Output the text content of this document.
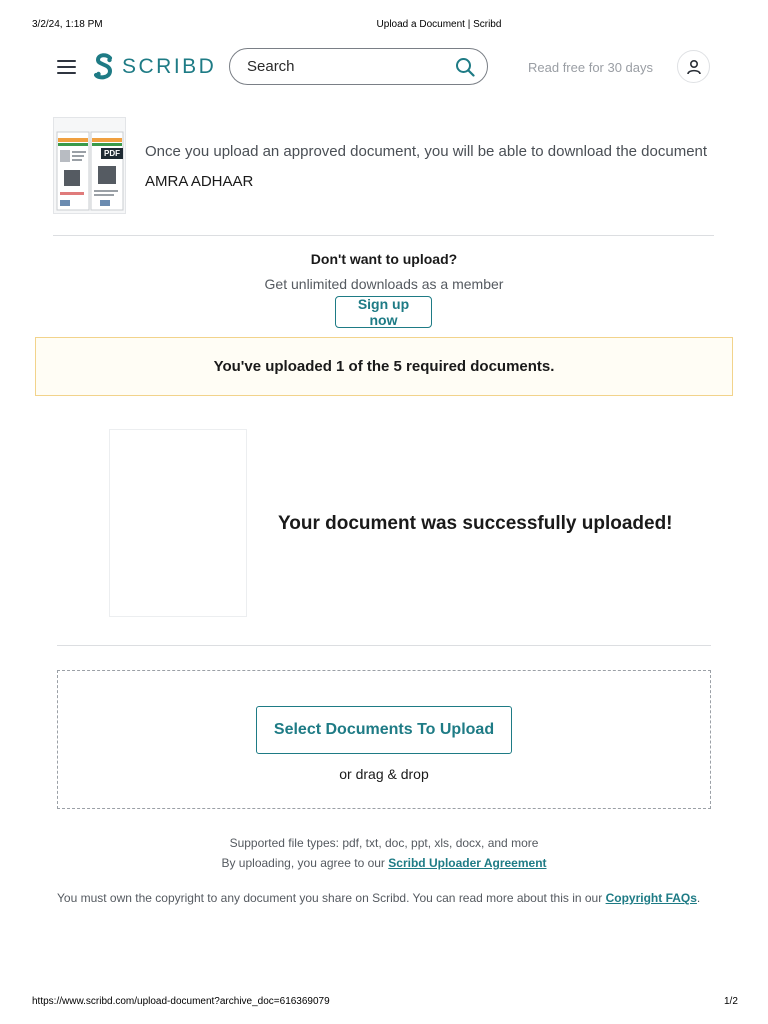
3/2/24, 1:18 PM	Upload a Document | Scribd
SCRIBD
Search	Read free for 30 days
PDF Once you upload an approved document, you will be able to download the document
AMRA ADHAAR
Don't want to upload?
Get unlimited downloads as a member
Sign up now
You've uploaded 1 of the 5 required documents.
Your document was successfully uploaded!
Select Documents To Upload
or drag & drop
Supported file types: pdf, txt, doc, ppt, xls, docx, and more
By uploading, you agree to our Scribd Uploader Agreement
You must own the copyright to any document you share on Scribd. You can read more about this in our Copyright FAQs.
https://www.scribd.com/upload-document?archive_doc=616369079	1/2
